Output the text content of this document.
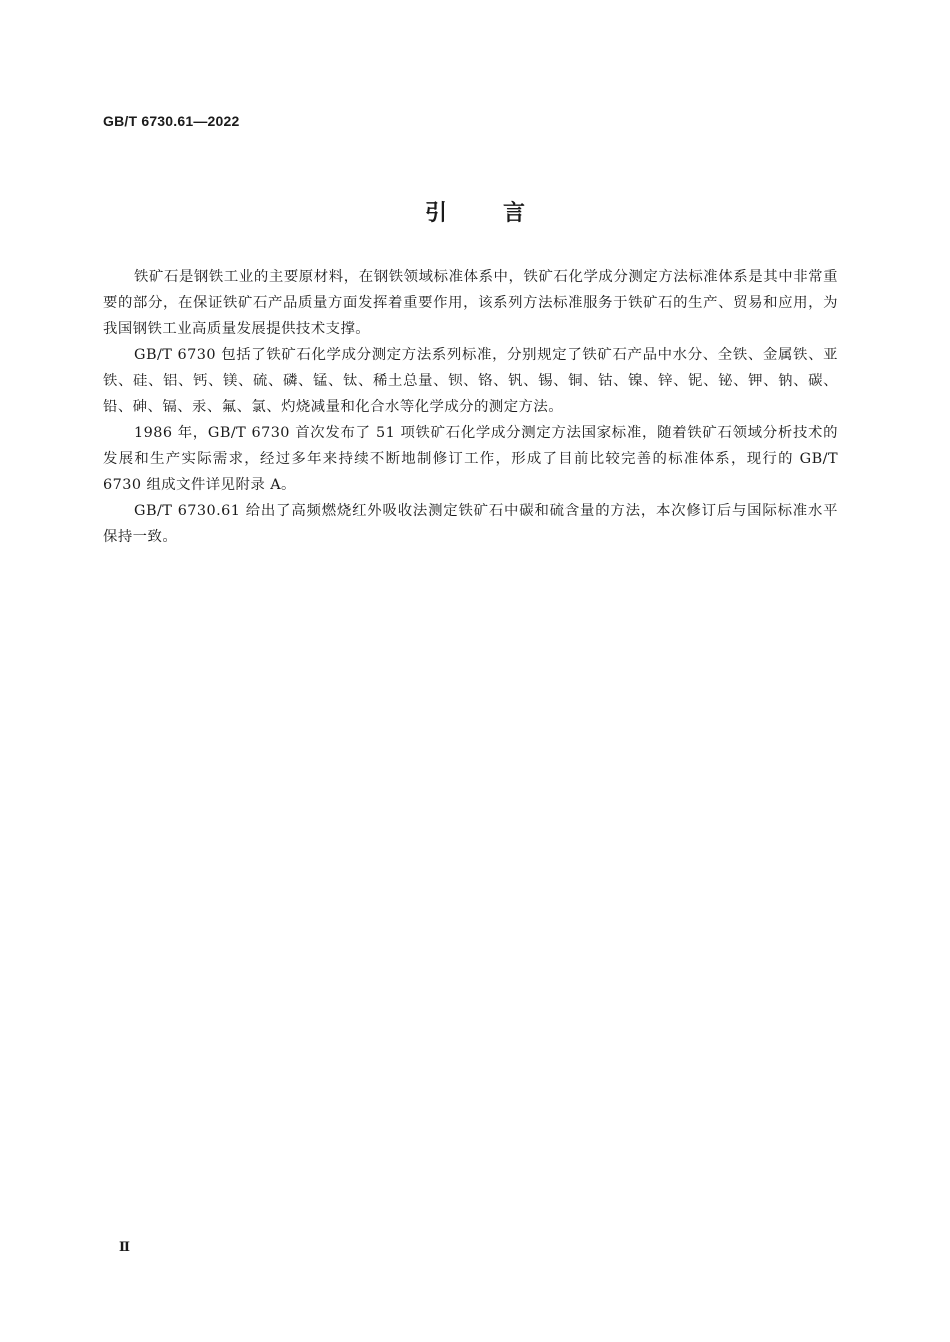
GB/T 6730.61—2022
引言

铁矿石是钢铁工业的主要原材料，在钢铁领域标准体系中，铁矿石化学成分测定方法标准体系是其中非常重要的部分，在保证铁矿石产品质量方面发挥着重要作用，该系列方法标准服务于铁矿石的生产、贸易和应用，为我国钢铁工业高质量发展提供技术支撑。

GB/T 6730 包括了铁矿石化学成分测定方法系列标准，分别规定了铁矿石产品中水分、全铁、金属铁、亚铁、硅、铝、钙、镁、硫、磷、锰、钛、稀土总量、钡、铬、钒、锡、铜、钴、镍、锌、铌、铋、钾、钠、碳、铅、砷、镉、汞、氟、氯、灼烧减量和化合水等化学成分的测定方法。

1986 年，GB/T 6730 首次发布了 51 项铁矿石化学成分测定方法国家标准，随着铁矿石领域分析技术的发展和生产实际需求，经过多年来持续不断地制修订工作，形成了目前比较完善的标准体系，现行的 GB/T 6730 组成文件详见附录 A。

GB/T 6730.61 给出了高频燃烧红外吸收法测定铁矿石中碳和硫含量的方法，本次修订后与国际标准水平保持一致。

Ⅱ
